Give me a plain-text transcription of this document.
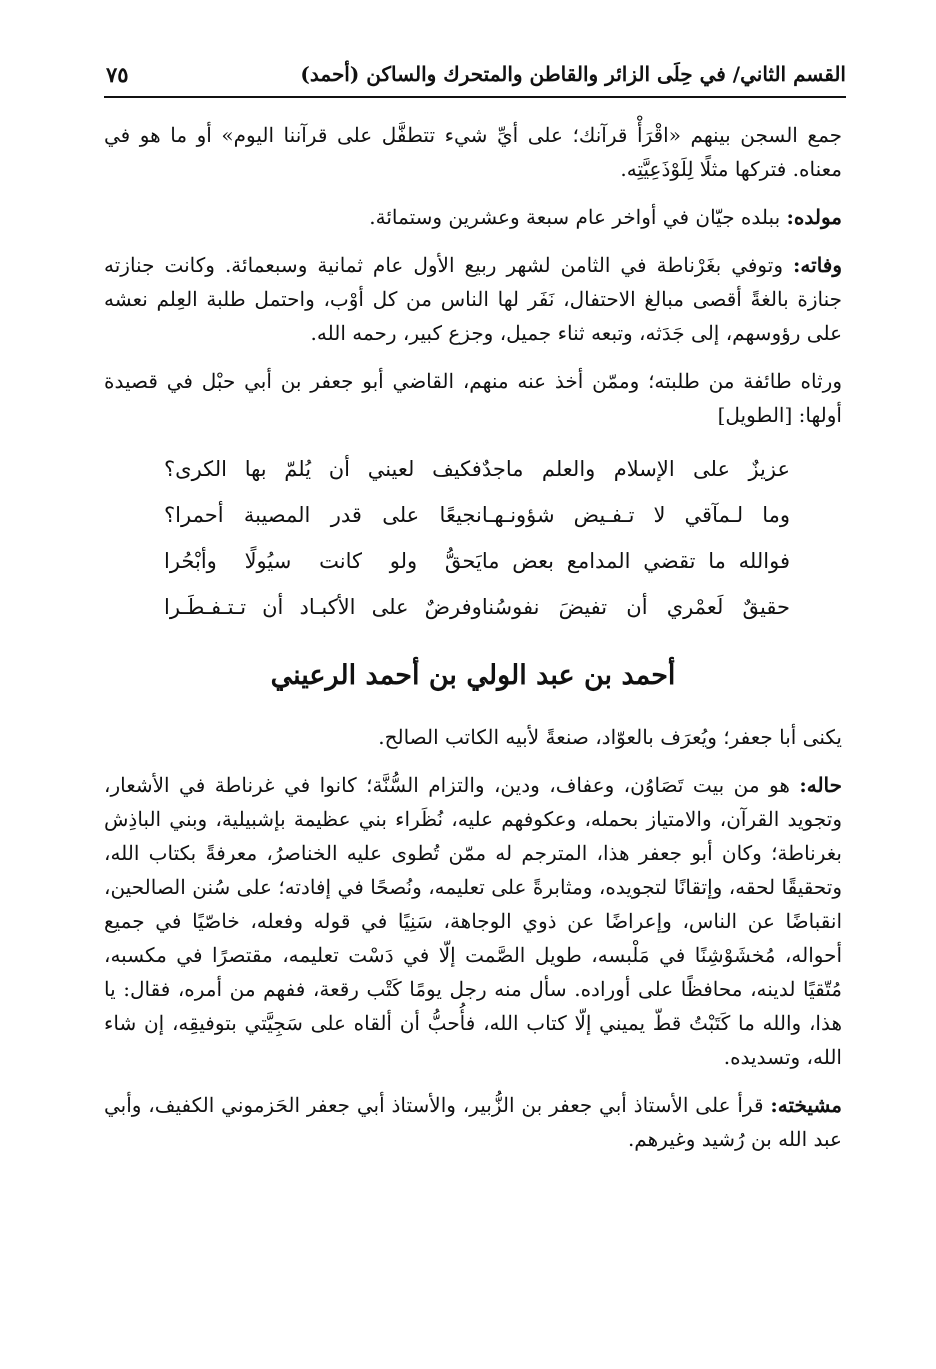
القسم الثاني/ في حِلَى الزائر والقاطن والمتحرك والساكن (أحمد)
٧٥

جمع السجن بينهم «اقْرَأْ قرآنك؛ على أيِّ شيء تتطفَّل على قرآننا اليوم» أو ما هو في معناه. فتركها مثلًا لِلَوْذَعِيَّتِه.

مولده: ببلده جيّان في أواخر عام سبعة وعشرين وستمائة.

وفاته: وتوفي بغَرْناطة في الثامن لشهر ربيع الأول عام ثمانية وسبعمائة. وكانت جنازته جنازة بالغةً أقصى مبالغ الاحتفال، نَفَر لها الناس من كل أوْب، واحتمل طلبة العِلم نعشه على رؤوسهم، إلى جَدَثه، وتبعه ثناء جميل، وجزع كبير، رحمه الله.

ورثاه طائفة من طلبته؛ وممّن أخذ عنه منهم، القاضي أبو جعفر بن أبي حبْل في قصيدة أولها: [الطويل]

عزيزٌ على الإسلام والعلم ماجدٌ
فكيف لعيني أن يُلمّ بها الكرى؟
وما لـمآقي لا تـفـيض شؤونـهـا
نجيعًا على قدر المصيبة أحمرا؟
فوالله ما تقضي المدامع بعض ما
يَحقُّ ولو كانت سيُولًا وأبْحُرا
حقيقٌ لَعمْري أن تفيضَ نفوسُنا
وفرضٌ على الأكبـاد أن تـتـفـطَـرا
أحمد بن عبد الولي بن أحمد الرعيني

يكنى أبا جعفر؛ ويُعرَف بالعوّاد، صنعةً لأبيه الكاتب الصالح.

حاله: هو من بيت تَصَاوُن، وعفاف، ودين، والتزام السُّنَّة؛ كانوا في غرناطة في الأشعار، وتجويد القرآن، والامتياز بحمله، وعكوفهم عليه، نُظَراء بني عظيمة بإشبيلية، وبني الباذِش بغرناطة؛ وكان أبو جعفر هذا، المترجم له ممّن تُطوى عليه الخناصرُ، معرفةً بكتاب الله، وتحقيقًا لحقه، وإتقانًا لتجويده، ومثابرةً على تعليمه، ونُصحًا في إفادته؛ على سُنن الصالحين، انقباضًا عن الناس، وإعراضًا عن ذوي الوجاهة، سَنِيًا في قوله وفعله، خاصّيًا في جميع أحواله، مُخشَوْشِنًا في مَلْبسه، طويل الصَّمت إلّا في دَسْت تعليمه، مقتصرًا في مكسبه، مُتّقيًا لدينه، محافظًا على أوراده. سأل منه رجل يومًا كَتْب رقعة، ففهم من أمره، فقال: يا هذا، والله ما كَتَبْتُ قطّ يميني إلّا كتاب الله، فأُحبُّ أن ألقاه على سَجِيَّتي بتوفيقِه، إن شاء الله، وتسديده.

مشيخته: قرأ على الأستاذ أبي جعفر بن الزُّبير، والأستاذ أبي جعفر الحَزموني الكفيف، وأبي عبد الله بن رُشيد وغيرهم.
